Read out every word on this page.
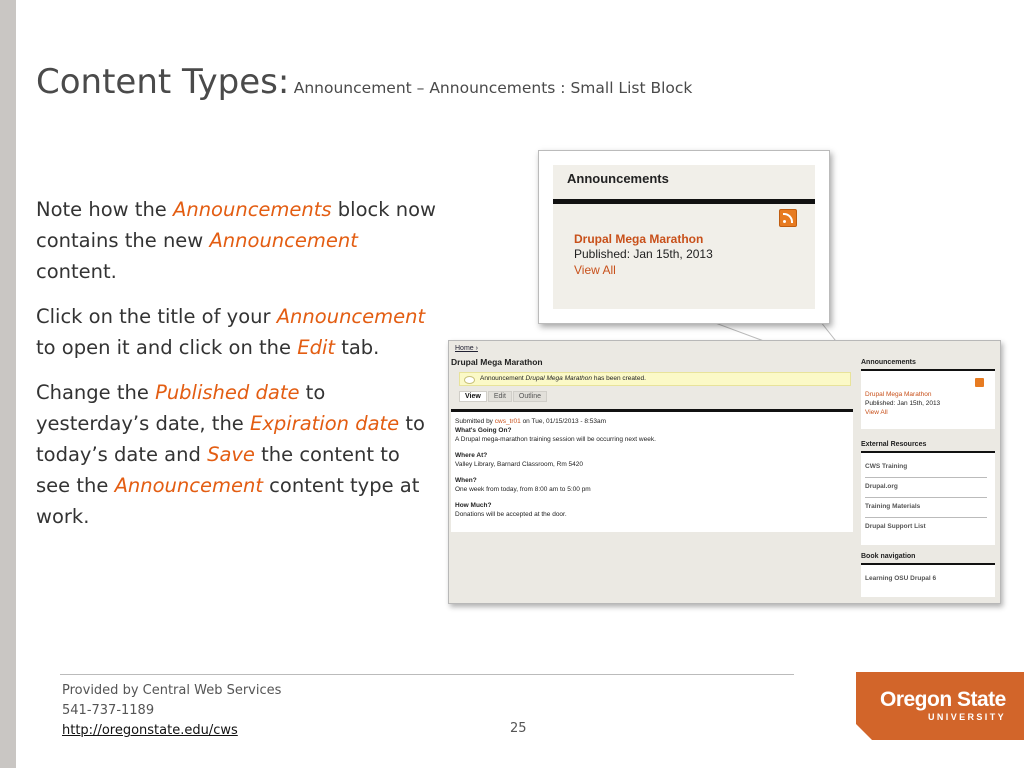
Content Types: Announcement – Announcements : Small List Block

Note how the Announcements block now contains the new Announcement content.

Click on the title of your Announcement to open it and click on the Edit tab.

Change the Published date to yesterday’s date, the Expiration date to today’s date and Save the content to see the Announcement content type at work.

Announcements
Drupal Mega Marathon
Published: Jan 15th, 2013
View All
Home ›
Drupal Mega Marathon
Announcement Drupal Mega Marathon has been created.
View Edit Outline
Submitted by cws_tr01 on Tue, 01/15/2013 - 8:53am
What's Going On?
A Drupal mega-marathon training session will be occurring next week.
Where At?
Valley Library, Barnard Classroom, Rm 5420
When?
One week from today, from 8:00 am to 5:00 pm
How Much?
Donations will be accepted at the door.
Announcements
Drupal Mega Marathon
Published: Jan 15th, 2013
View All
External Resources
CWS Training
Drupal.org
Training Materials
Drupal Support List
Book navigation
Learning OSU Drupal 6
Provided by Central Web Services
541-737-1189
http://oregonstate.edu/cws	25
Oregon State
UNIVERSITY
